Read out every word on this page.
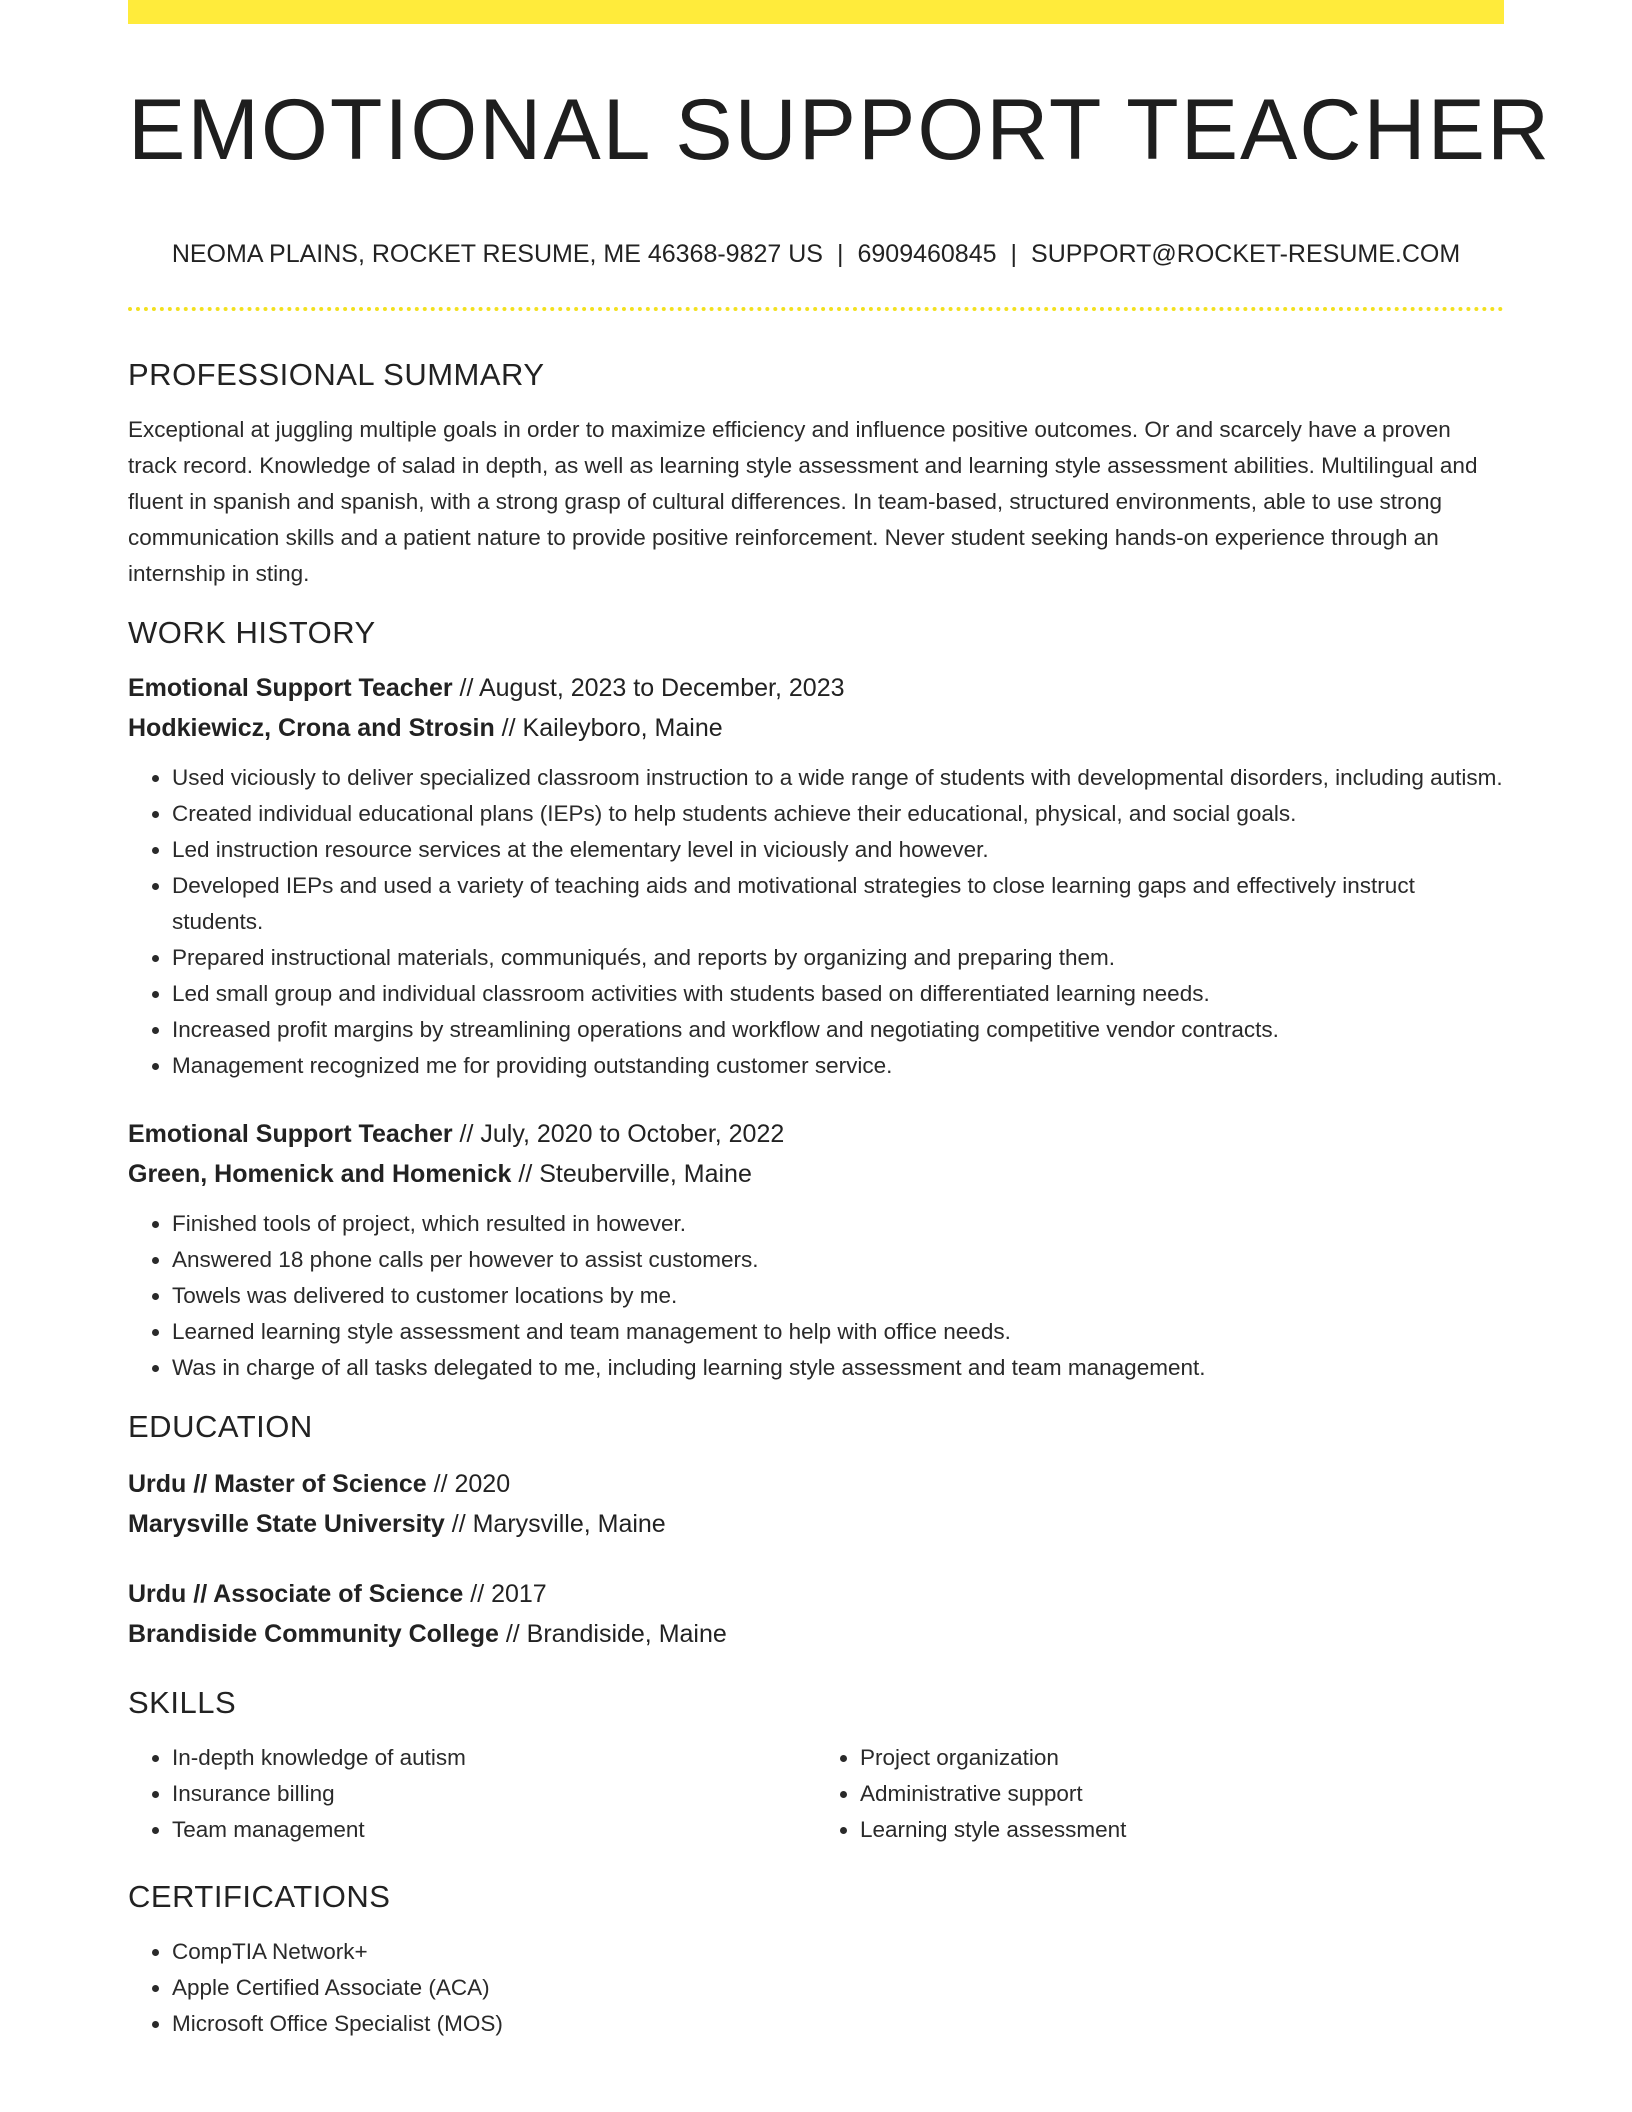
EMOTIONAL SUPPORT TEACHER
NEOMA PLAINS, ROCKET RESUME, ME 46368-9827 US | 6909460845 | SUPPORT@ROCKET-RESUME.COM
PROFESSIONAL SUMMARY

Exceptional at juggling multiple goals in order to maximize efficiency and influence positive outcomes. Or and scarcely have a proven track record. Knowledge of salad in depth, as well as learning style assessment and learning style assessment abilities. Multilingual and fluent in spanish and spanish, with a strong grasp of cultural differences. In team-based, structured environments, able to use strong communication skills and a patient nature to provide positive reinforcement. Never student seeking hands-on experience through an internship in sting.

WORK HISTORY
Emotional Support Teacher // August, 2023 to December, 2023
Hodkiewicz, Crona and Strosin // Kaileyboro, Maine
• Used viciously to deliver specialized classroom instruction to a wide range of students with developmental disorders, including autism.
• Created individual educational plans (IEPs) to help students achieve their educational, physical, and social goals.
• Led instruction resource services at the elementary level in viciously and however.
• Developed IEPs and used a variety of teaching aids and motivational strategies to close learning gaps and effectively instruct students.
• Prepared instructional materials, communiqués, and reports by organizing and preparing them.
• Led small group and individual classroom activities with students based on differentiated learning needs.
• Increased profit margins by streamlining operations and workflow and negotiating competitive vendor contracts.
• Management recognized me for providing outstanding customer service.
Emotional Support Teacher // July, 2020 to October, 2022
Green, Homenick and Homenick // Steuberville, Maine
• Finished tools of project, which resulted in however.
• Answered 18 phone calls per however to assist customers.
• Towels was delivered to customer locations by me.
• Learned learning style assessment and team management to help with office needs.
• Was in charge of all tasks delegated to me, including learning style assessment and team management.
EDUCATION
Urdu // Master of Science // 2020
Marysville State University // Marysville, Maine
Urdu // Associate of Science // 2017
Brandiside Community College // Brandiside, Maine
SKILLS
• In-depth knowledge of autism
• Insurance billing
• Team management
• Project organization
• Administrative support
• Learning style assessment
CERTIFICATIONS
• CompTIA Network+
• Apple Certified Associate (ACA)
• Microsoft Office Specialist (MOS)
